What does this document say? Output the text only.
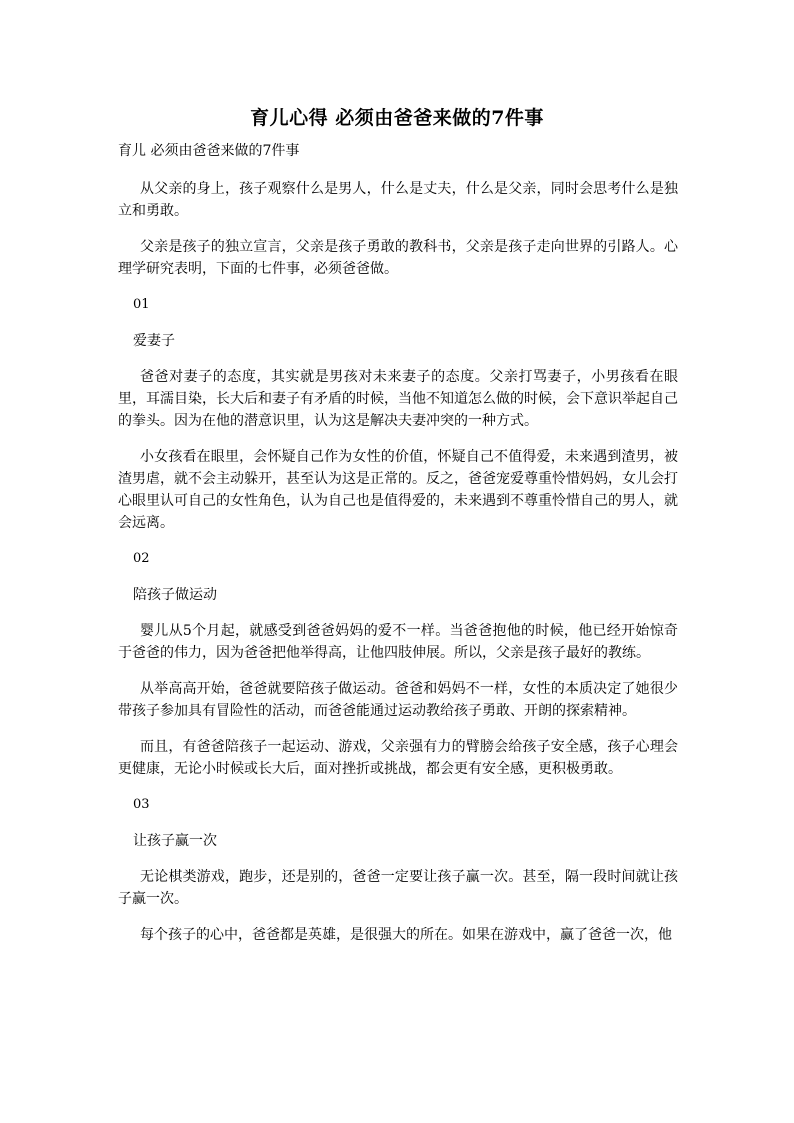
育儿心得 必须由爸爸来做的7件事

育儿 必须由爸爸来做的7件事

从父亲的身上，孩子观察什么是男人，什么是丈夫，什么是父亲，同时会思考什么是独立和勇敢。

父亲是孩子的独立宣言，父亲是孩子勇敢的教科书，父亲是孩子走向世界的引路人。心理学研究表明，下面的七件事，必须爸爸做。

01

爱妻子

爸爸对妻子的态度，其实就是男孩对未来妻子的态度。父亲打骂妻子，小男孩看在眼里，耳濡目染，长大后和妻子有矛盾的时候，当他不知道怎么做的时候，会下意识举起自己的拳头。因为在他的潜意识里，认为这是解决夫妻冲突的一种方式。

小女孩看在眼里，会怀疑自己作为女性的价值，怀疑自己不值得爱，未来遇到渣男，被渣男虐，就不会主动躲开，甚至认为这是正常的。反之，爸爸宠爱尊重怜惜妈妈，女儿会打心眼里认可自己的女性角色，认为自己也是值得爱的，未来遇到不尊重怜惜自己的男人，就会远离。

02

陪孩子做运动

婴儿从5个月起，就感受到爸爸妈妈的爱不一样。当爸爸抱他的时候，他已经开始惊奇于爸爸的伟力，因为爸爸把他举得高，让他四肢伸展。所以，父亲是孩子最好的教练。

从举高高开始，爸爸就要陪孩子做运动。爸爸和妈妈不一样，女性的本质决定了她很少带孩子参加具有冒险性的活动，而爸爸能通过运动教给孩子勇敢、开朗的探索精神。

而且，有爸爸陪孩子一起运动、游戏，父亲强有力的臂膀会给孩子安全感，孩子心理会更健康，无论小时候或长大后，面对挫折或挑战，都会更有安全感，更积极勇敢。

03

让孩子赢一次

无论棋类游戏，跑步，还是别的，爸爸一定要让孩子赢一次。甚至，隔一段时间就让孩子赢一次。

每个孩子的心中，爸爸都是英雄，是很强大的所在。如果在游戏中，赢了爸爸一次，他
